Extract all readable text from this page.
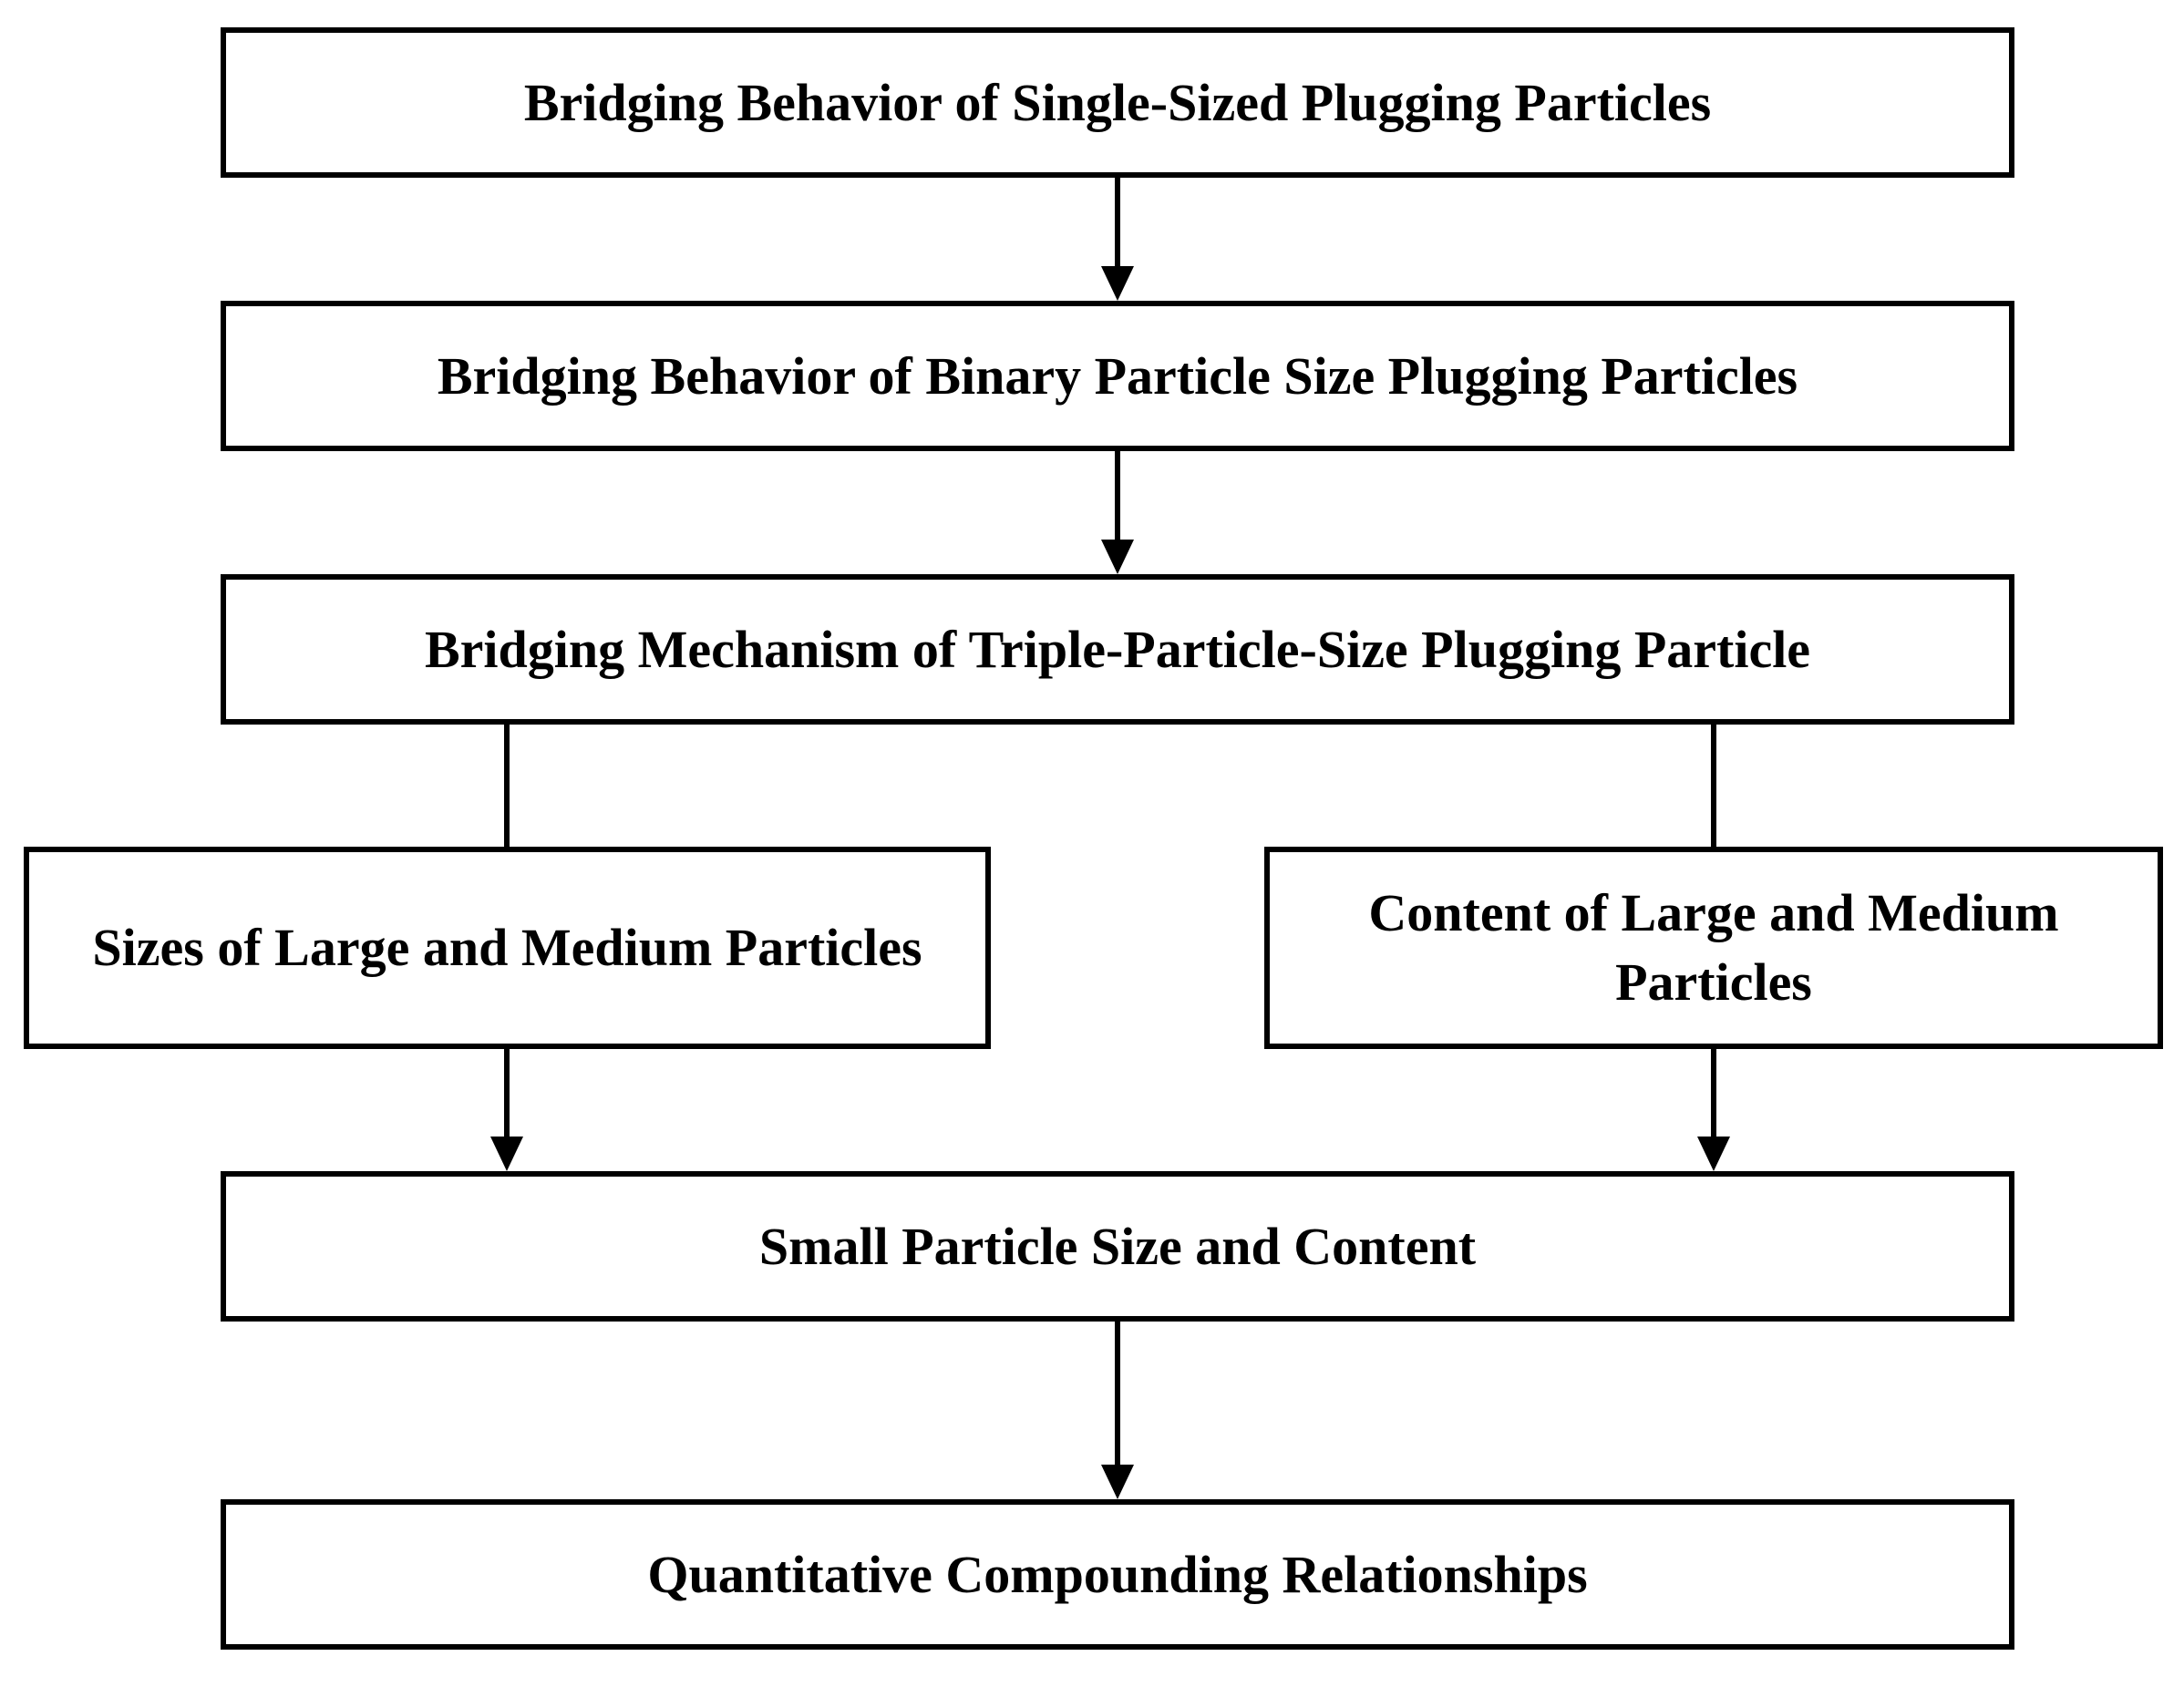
Bridging Behavior of Single-Sized Plugging Particles
Bridging Behavior of Binary Particle Size Plugging Particles
Bridging Mechanism of Triple-Particle-Size Plugging Particle
Sizes of Large and Medium Particles
Content of Large and Medium Particles
Small Particle Size and Content
Quantitative Compounding Relationships
